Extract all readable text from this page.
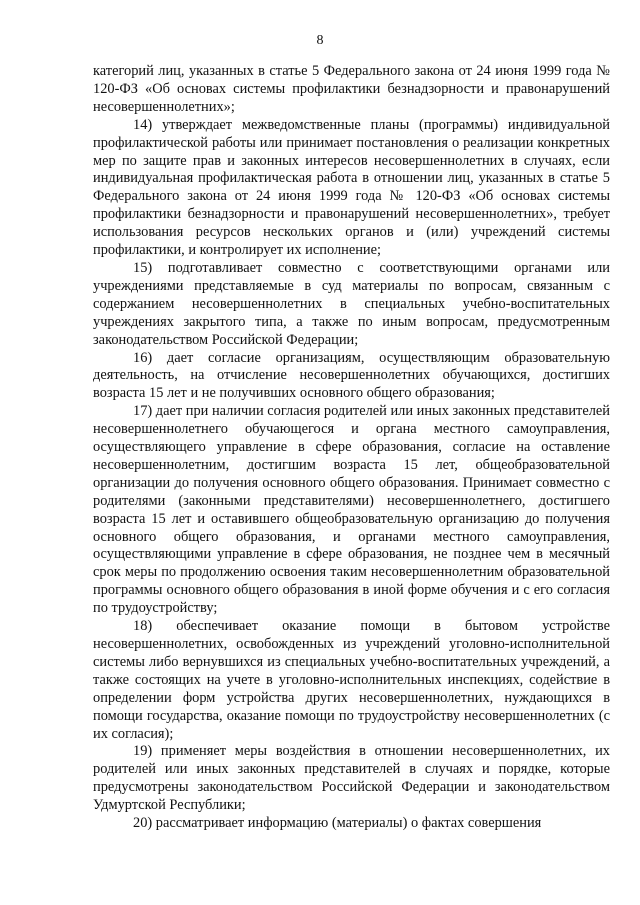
8

категорий лиц, указанных в статье 5 Федерального закона от 24 июня 1999 года № 120-ФЗ «Об основах системы профилактики безнадзорности и правонарушений несовершеннолетних»;

14) утверждает межведомственные планы (программы) индивидуальной профилактической работы или принимает постановления о реализации конкретных мер по защите прав и законных интересов несовершеннолетних в случаях, если индивидуальная профилактическая работа в отношении лиц, указанных в статье 5 Федерального закона от 24 июня 1999 года № 120-ФЗ «Об основах системы профилактики безнадзорности и правонарушений несовершеннолетних», требует использования ресурсов нескольких органов и (или) учреждений системы профилактики, и контролирует их исполнение;

15) подготавливает совместно с соответствующими органами или учреждениями представляемые в суд материалы по вопросам, связанным с содержанием несовершеннолетних в специальных учебно-воспитательных учреждениях закрытого типа, а также по иным вопросам, предусмотренным законодательством Российской Федерации;

16) дает согласие организациям, осуществляющим образовательную деятельность, на отчисление несовершеннолетних обучающихся, достигших возраста 15 лет и не получивших основного общего образования;

17) дает при наличии согласия родителей или иных законных представителей несовершеннолетнего обучающегося и органа местного самоуправления, осуществляющего управление в сфере образования, согласие на оставление несовершеннолетним, достигшим возраста 15 лет, общеобразовательной организации до получения основного общего образования. Принимает совместно с родителями (законными представителями) несовершеннолетнего, достигшего возраста 15 лет и оставившего общеобразовательную организацию до получения основного общего образования, и органами местного самоуправления, осуществляющими управление в сфере образования, не позднее чем в месячный срок меры по продолжению освоения таким несовершеннолетним образовательной программы основного общего образования в иной форме обучения и с его согласия по трудоустройству;

18) обеспечивает оказание помощи в бытовом устройстве несовершеннолетних, освобожденных из учреждений уголовно-исполнительной системы либо вернувшихся из специальных учебно-воспитательных учреждений, а также состоящих на учете в уголовно-исполнительных инспекциях, содействие в определении форм устройства других несовершеннолетних, нуждающихся в помощи государства, оказание помощи по трудоустройству несовершеннолетних (с их согласия);

19) применяет меры воздействия в отношении несовершеннолетних, их родителей или иных законных представителей в случаях и порядке, которые предусмотрены законодательством Российской Федерации и законодательством Удмуртской Республики;

20) рассматривает информацию (материалы) о фактах совершения
